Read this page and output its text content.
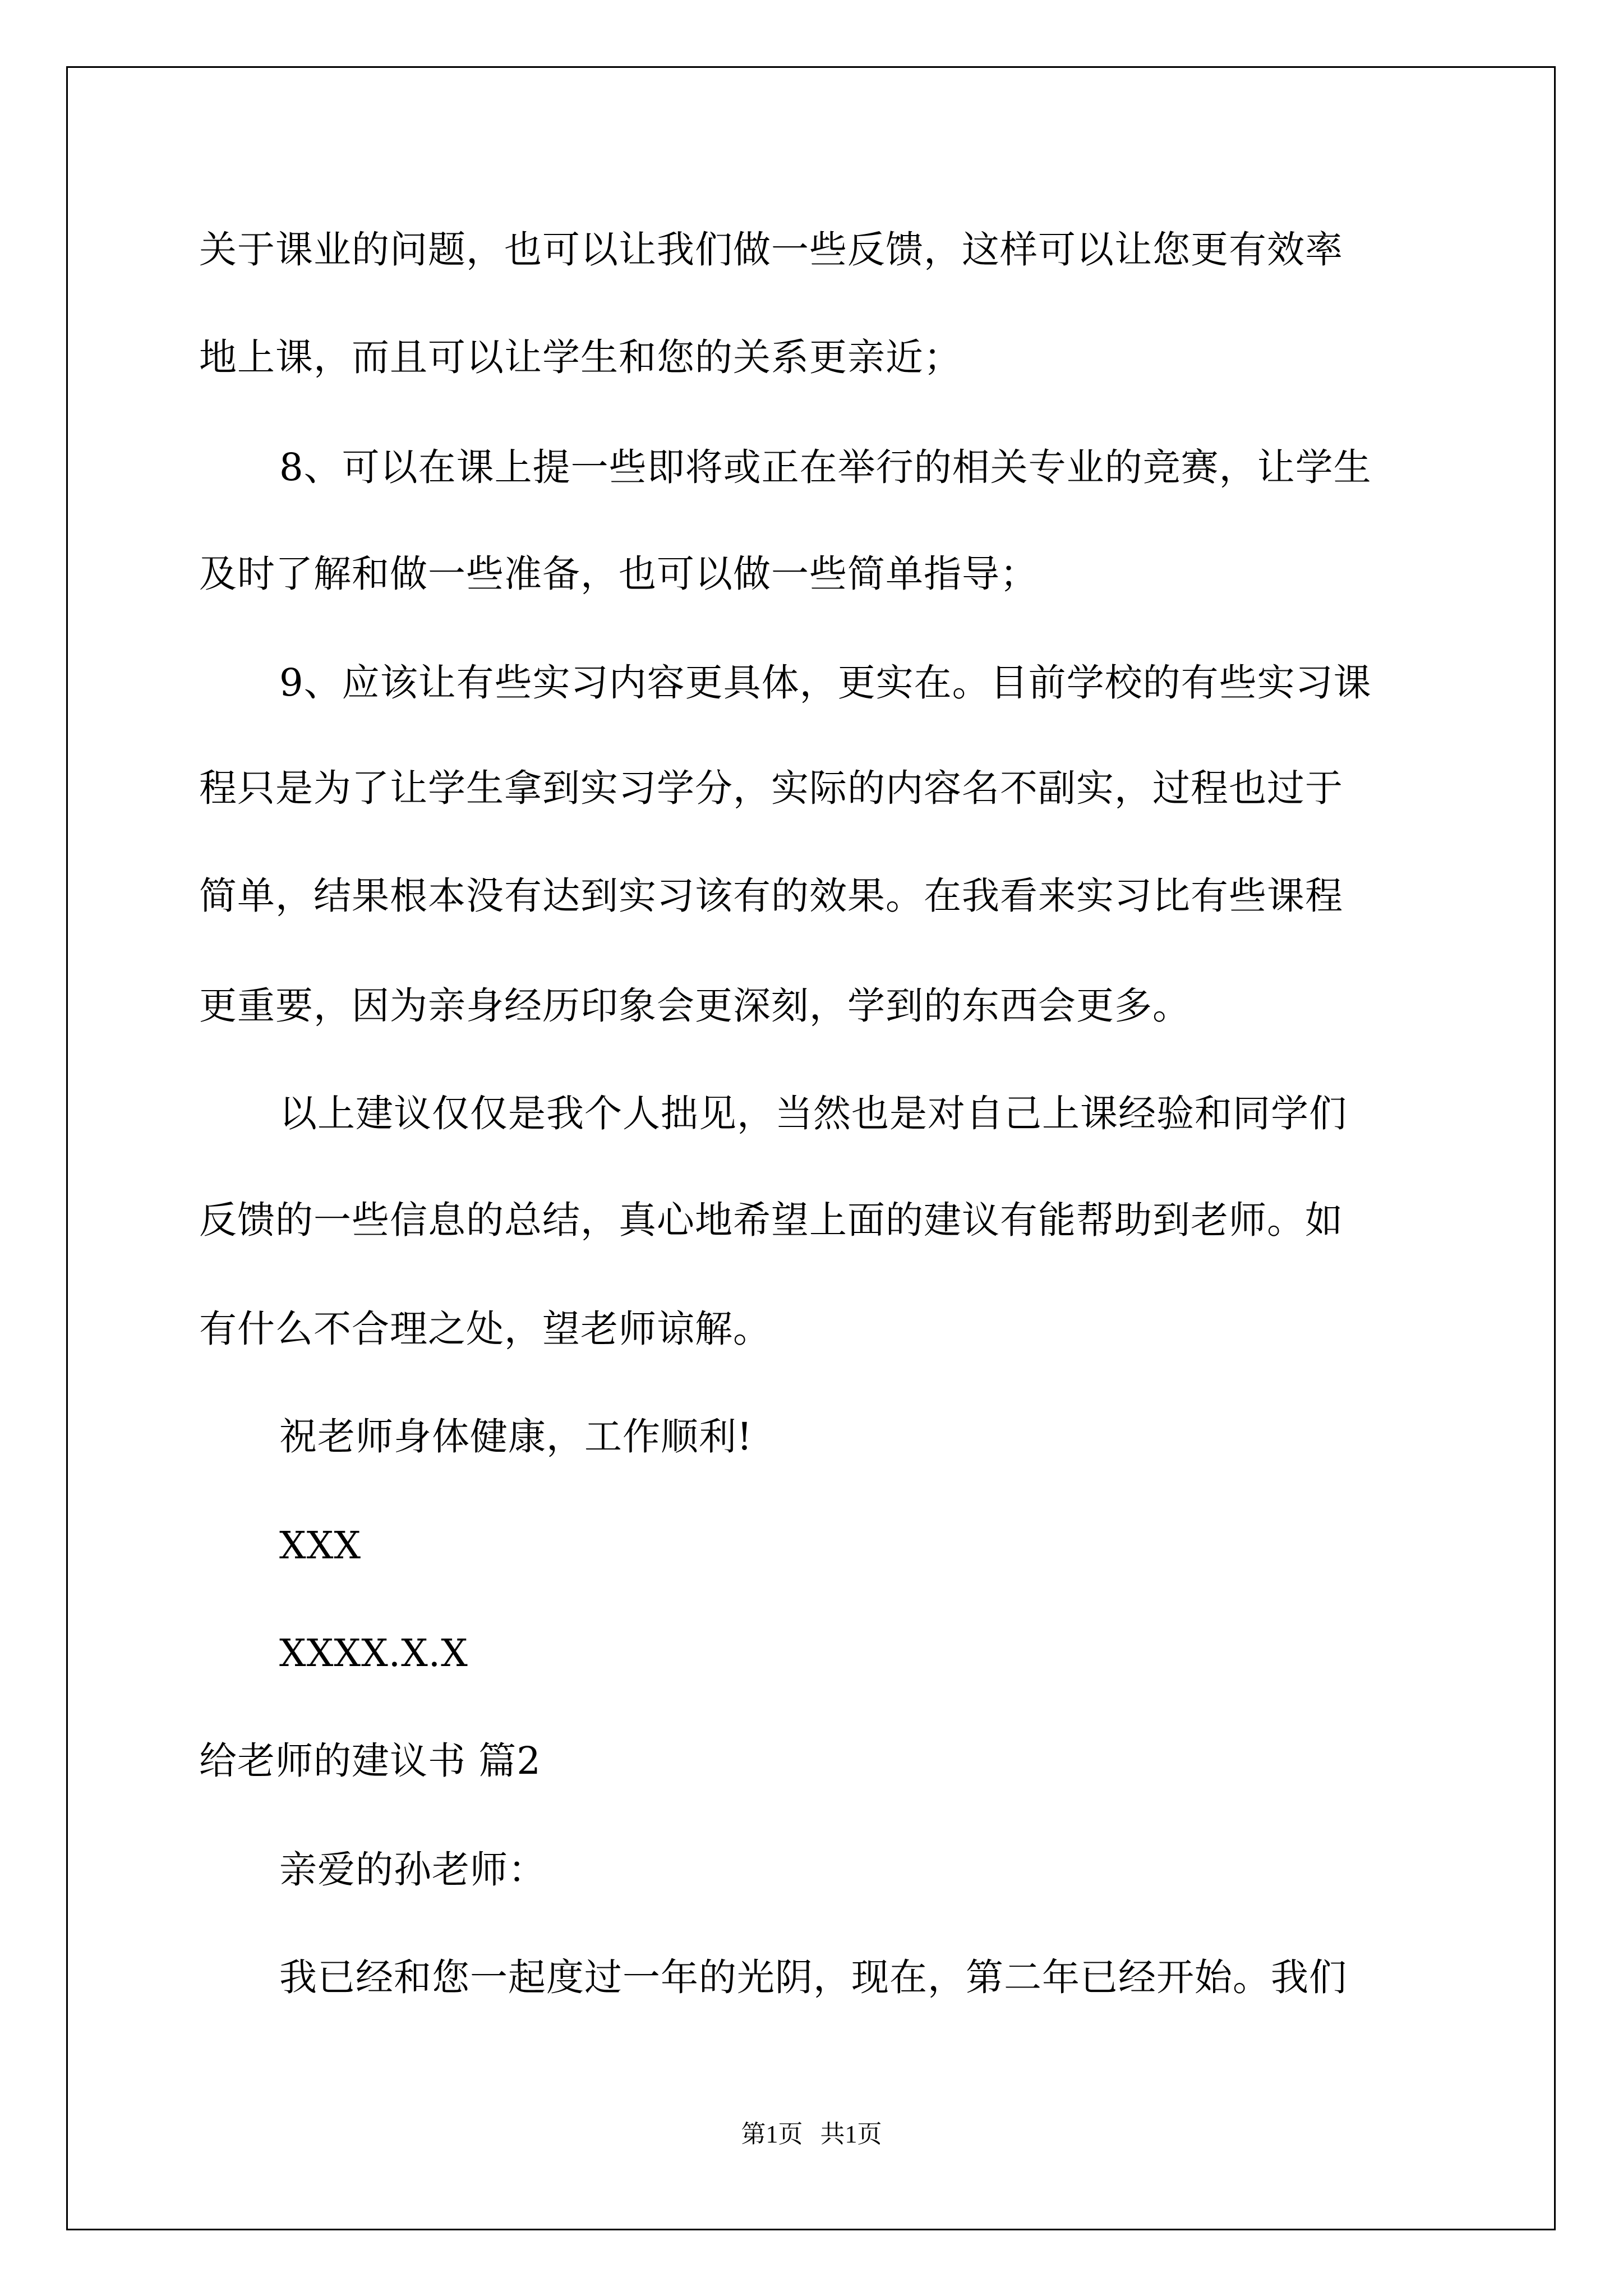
关于课业的问题，也可以让我们做一些反馈，这样可以让您更有效率
地上课，而且可以让学生和您的关系更亲近；
8、可以在课上提一些即将或正在举行的相关专业的竞赛，让学生
及时了解和做一些准备，也可以做一些简单指导；
9、应该让有些实习内容更具体，更实在。目前学校的有些实习课
程只是为了让学生拿到实习学分，实际的内容名不副实，过程也过于
简单，结果根本没有达到实习该有的效果。在我看来实习比有些课程
更重要，因为亲身经历印象会更深刻，学到的东西会更多。
以上建议仅仅是我个人拙见，当然也是对自己上课经验和同学们
反馈的一些信息的总结，真心地希望上面的建议有能帮助到老师。如
有什么不合理之处，望老师谅解。
祝老师身体健康，工作顺利!
XXX
XXXX.X.X
给老师的建议书 篇2
亲爱的孙老师：
我已经和您一起度过一年的光阴，现在，第二年已经开始。我们
第1页 共1页
